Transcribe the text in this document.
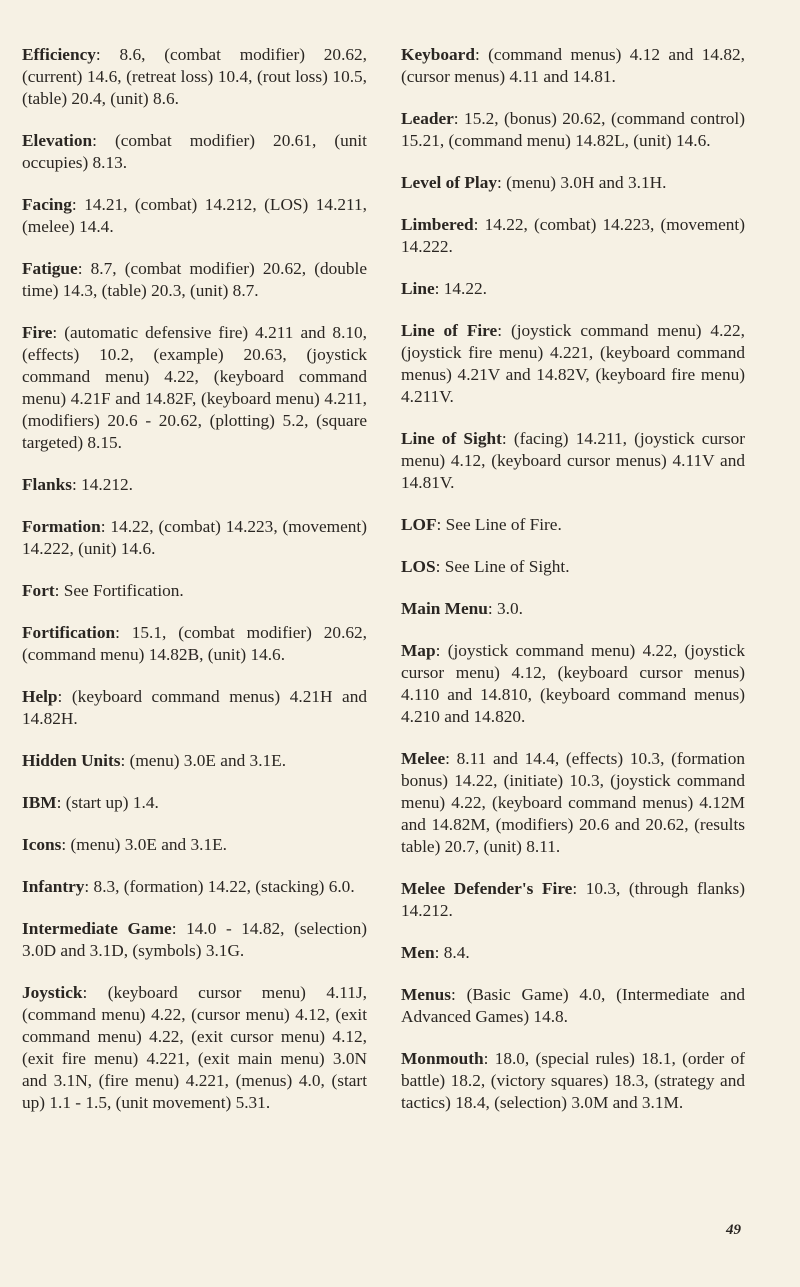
Efficiency: 8.6, (combat modifier) 20.62, (current) 14.6, (retreat loss) 10.4, (rout loss) 10.5, (table) 20.4, (unit) 8.6.

Elevation: (combat modifier) 20.61, (unit occupies) 8.13.

Facing: 14.21, (combat) 14.212, (LOS) 14.211, (melee) 14.4.

Fatigue: 8.7, (combat modifier) 20.62, (double time) 14.3, (table) 20.3, (unit) 8.7.

Fire: (automatic defensive fire) 4.211 and 8.10, (effects) 10.2, (example) 20.63, (joystick command menu) 4.22, (keyboard command menu) 4.21F and 14.82F, (keyboard menu) 4.211, (modifiers) 20.6 - 20.62, (plotting) 5.2, (square targeted) 8.15.

Flanks: 14.212.

Formation: 14.22, (combat) 14.223, (movement) 14.222, (unit) 14.6.

Fort: See Fortification.

Fortification: 15.1, (combat modifier) 20.62, (command menu) 14.82B, (unit) 14.6.

Help: (keyboard command menus) 4.21H and 14.82H.

Hidden Units: (menu) 3.0E and 3.1E.

IBM: (start up) 1.4.

Icons: (menu) 3.0E and 3.1E.

Infantry: 8.3, (formation) 14.22, (stacking) 6.0.

Intermediate Game: 14.0 - 14.82, (selection) 3.0D and 3.1D, (symbols) 3.1G.

Joystick: (keyboard cursor menu) 4.11J, (command menu) 4.22, (cursor menu) 4.12, (exit command menu) 4.22, (exit cursor menu) 4.12, (exit fire menu) 4.221, (exit main menu) 3.0N and 3.1N, (fire menu) 4.221, (menus) 4.0, (start up) 1.1 - 1.5, (unit movement) 5.31.

Keyboard: (command menus) 4.12 and 14.82, (cursor menus) 4.11 and 14.81.

Leader: 15.2, (bonus) 20.62, (command control) 15.21, (command menu) 14.82L, (unit) 14.6.

Level of Play: (menu) 3.0H and 3.1H.

Limbered: 14.22, (combat) 14.223, (movement) 14.222.

Line: 14.22.

Line of Fire: (joystick command menu) 4.22, (joystick fire menu) 4.221, (keyboard command menus) 4.21V and 14.82V, (keyboard fire menu) 4.211V.

Line of Sight: (facing) 14.211, (joystick cursor menu) 4.12, (keyboard cursor menus) 4.11V and 14.81V.

LOF: See Line of Fire.

LOS: See Line of Sight.

Main Menu: 3.0.

Map: (joystick command menu) 4.22, (joystick cursor menu) 4.12, (keyboard cursor menus) 4.110 and 14.810, (keyboard command menus) 4.210 and 14.820.

Melee: 8.11 and 14.4, (effects) 10.3, (formation bonus) 14.22, (initiate) 10.3, (joystick command menu) 4.22, (keyboard command menus) 4.12M and 14.82M, (modifiers) 20.6 and 20.62, (results table) 20.7, (unit) 8.11.

Melee Defender's Fire: 10.3, (through flanks) 14.212.

Men: 8.4.

Menus: (Basic Game) 4.0, (Intermediate and Advanced Games) 14.8.

Monmouth: 18.0, (special rules) 18.1, (order of battle) 18.2, (victory squares) 18.3, (strategy and tactics) 18.4, (selection) 3.0M and 3.1M.

49
